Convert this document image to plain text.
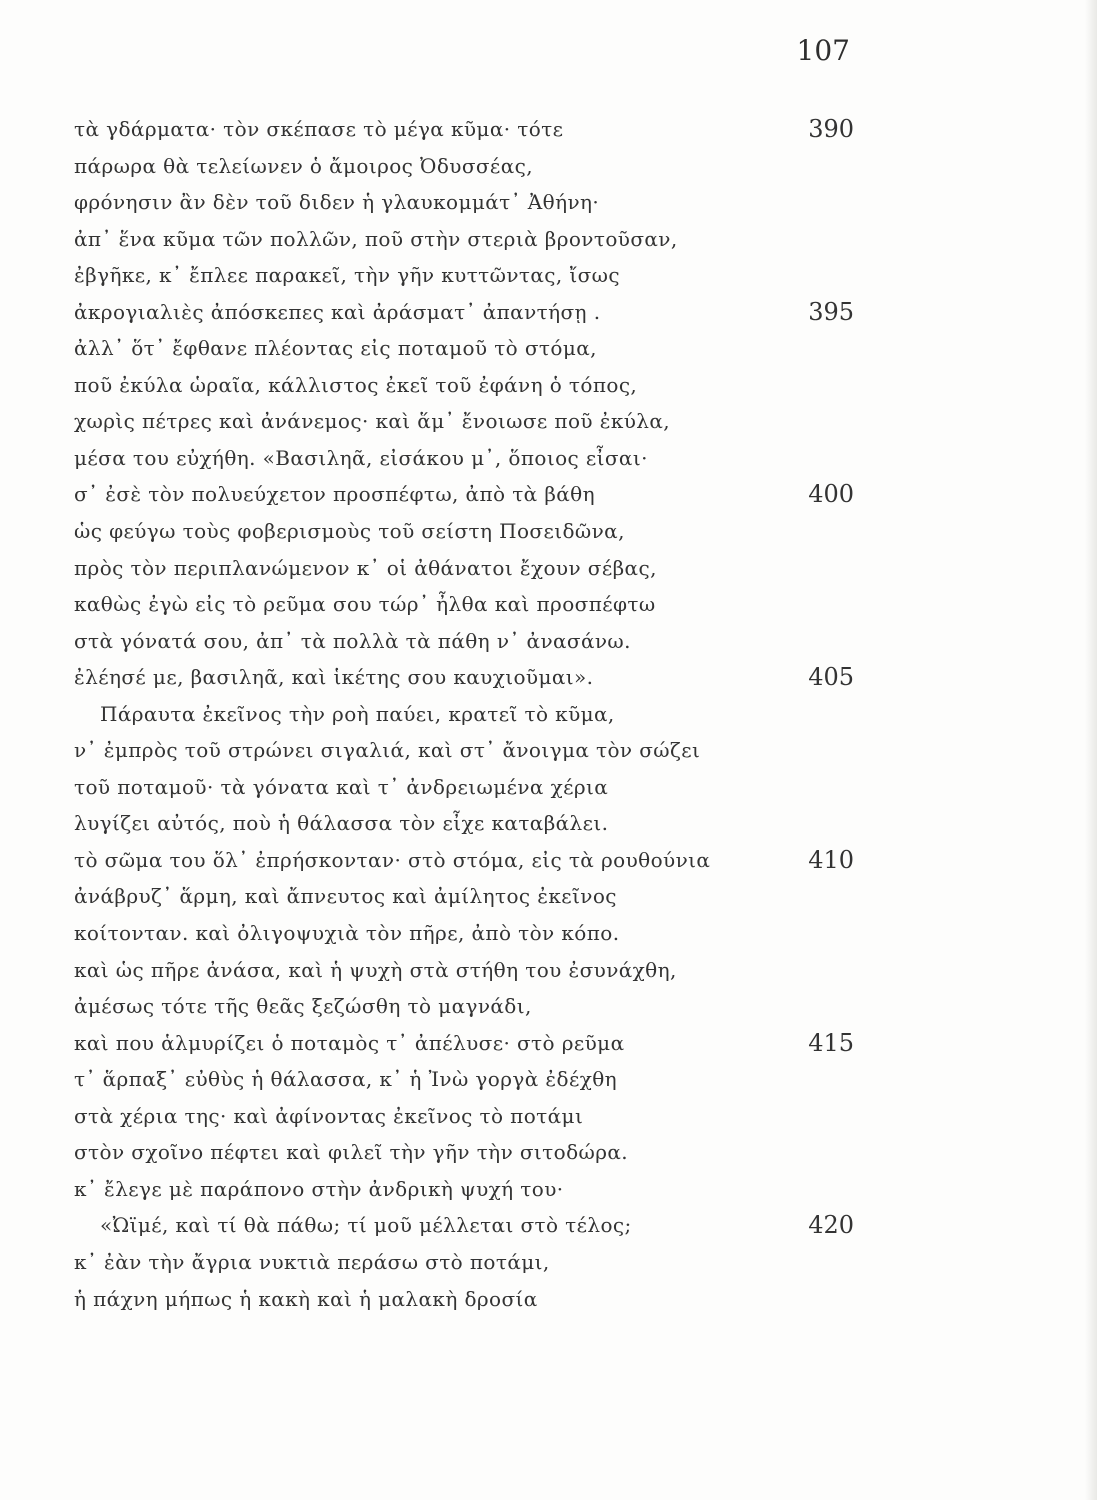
107
τὰ γδάρματα· τὸν σκέπασε τὸ μέγα κῦμα· τότε	390
πάρωρα θὰ τελείωνεν ὁ ἄμοιρος Ὀδυσσέας,
φρόνησιν ἂν δὲν τοῦ διδεν ἡ γλαυκομμάτ᾽ Ἀθήνη·
ἀπ᾽ ἕνα κῦμα τῶν πολλῶν, ποῦ στὴν στεριὰ βροντοῦσαν,
ἐβγῆκε, κ᾽ ἔπλεε παρακεῖ, τὴν γῆν κυττῶντας, ἴσως
ἀκρογιαλιὲς ἀπόσκεπες καὶ ἀράσματ᾽ ἀπαντήσῃ .	395
ἀλλ᾽ ὅτ᾽ ἔφθανε πλέοντας εἰς ποταμοῦ τὸ στόμα,
ποῦ ἐκύλα ὡραῖα, κάλλιστος ἐκεῖ τοῦ ἐφάνη ὁ τόπος,
χωρὶς πέτρες καὶ ἀνάνεμος· καὶ ἅμ᾽ ἔνοιωσε ποῦ ἐκύλα,
μέσα του εὐχήθη. «Βασιληᾶ, εἰσάκου μ᾽, ὅποιος εἶσαι·
σ᾽ ἐσὲ τὸν πολυεύχετον προσπέφτω, ἀπὸ τὰ βάθη	400
ὡς φεύγω τοὺς φοβερισμοὺς τοῦ σείστη Ποσειδῶνα,
πρὸς τὸν περιπλανώμενον κ᾽ οἱ ἀθάνατοι ἔχουν σέβας,
καθὼς ἐγὼ εἰς τὸ ρεῦμα σου τώρ᾽ ἦλθα καὶ προσπέφτω
στὰ γόνατά σου, ἀπ᾽ τὰ πολλὰ τὰ πάθη ν᾽ ἀνασάνω.
ἐλέησέ με, βασιληᾶ, καὶ ἱκέτης σου καυχιοῦμαι».	405
Πάραυτα ἐκεῖνος τὴν ροὴ παύει, κρατεῖ τὸ κῦμα,
ν᾽ ἐμπρὸς τοῦ στρώνει σιγαλιά, καὶ στ᾽ ἄνοιγμα τὸν σώζει
τοῦ ποταμοῦ· τὰ γόνατα καὶ τ᾽ ἀνδρειωμένα χέρια
λυγίζει αὐτός, ποὺ ἡ θάλασσα τὸν εἶχε καταβάλει.
τὸ σῶμα του ὅλ᾽ ἐπρήσκονταν· στὸ στόμα, εἰς τὰ ρουθούνια	410
ἀνάβρυζ᾽ ἅρμη, καὶ ἄπνευτος καὶ ἀμίλητος ἐκεῖνος
κοίτονταν. καὶ ὀλιγοψυχιὰ τὸν πῆρε, ἀπὸ τὸν κόπο.
καὶ ὡς πῆρε ἀνάσα, καὶ ἡ ψυχὴ στὰ στήθη του ἐσυνάχθη,
ἀμέσως τότε τῆς θεᾶς ξεζώσθη τὸ μαγνάδι,
καὶ που ἁλμυρίζει ὁ ποταμὸς τ᾽ ἀπέλυσε· στὸ ρεῦμα	415
τ᾽ ἅρπαξ᾽ εὐθὺς ἡ θάλασσα, κ᾽ ἡ Ἰνὼ γοργὰ ἐδέχθη
στὰ χέρια της· καὶ ἀφίνοντας ἐκεῖνος τὸ ποτάμι
στὸν σχοῖνο πέφτει καὶ φιλεῖ τὴν γῆν τὴν σιτοδώρα.
κ᾽ ἔλεγε μὲ παράπονο στὴν ἀνδρικὴ ψυχή του·
«Ὠϊμέ, καὶ τί θὰ πάθω; τί μοῦ μέλλεται στὸ τέλος;	420
κ᾽ ἐὰν τὴν ἄγρια νυκτιὰ περάσω στὸ ποτάμι,
ἡ πάχνη μήπως ἡ κακὴ καὶ ἡ μαλακὴ δροσία
